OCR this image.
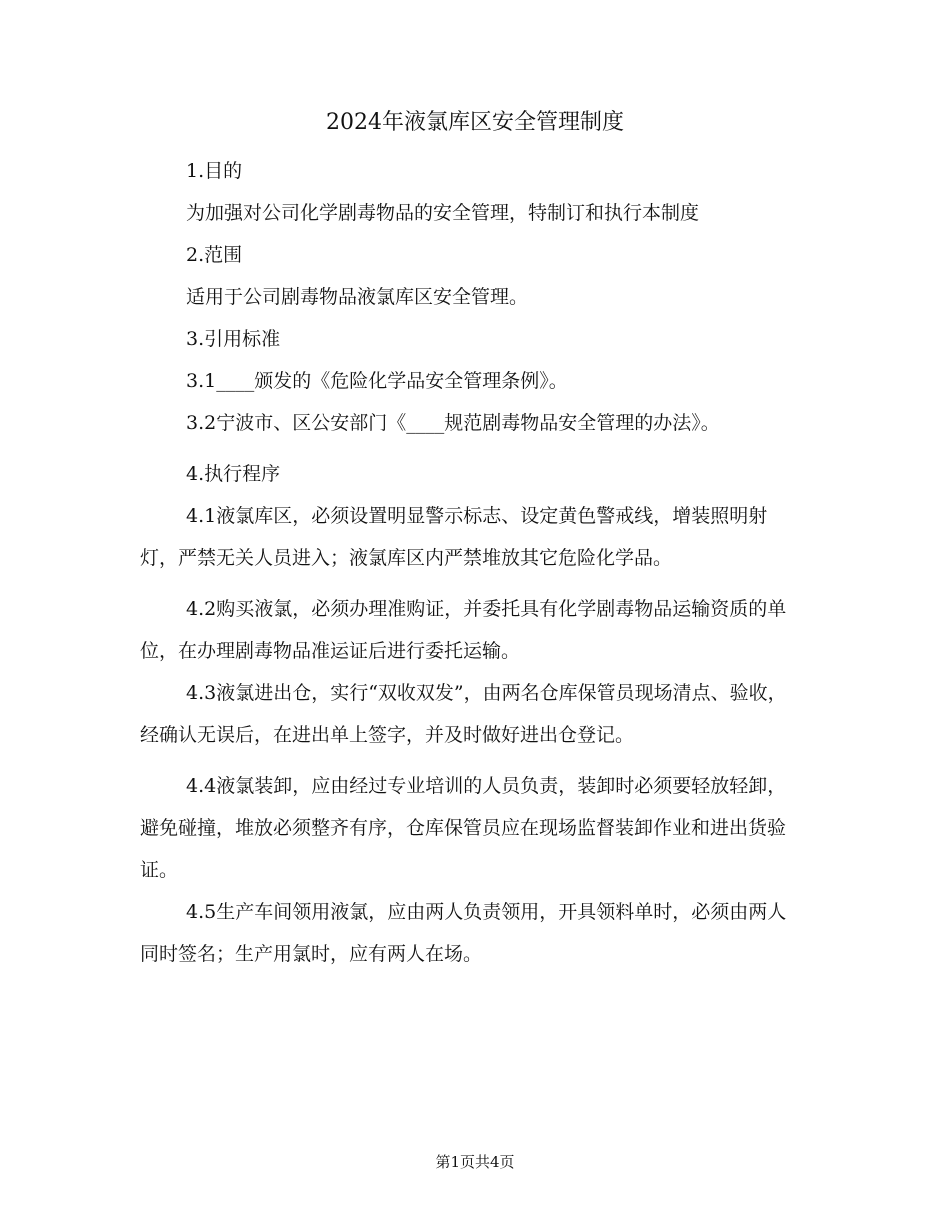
2024年液氯库区安全管理制度

1.目的

为加强对公司化学剧毒物品的安全管理，特制订和执行本制度

2.范围

适用于公司剧毒物品液氯库区安全管理。

3.引用标准

3.1____颁发的《危险化学品安全管理条例》。

3.2宁波市、区公安部门《____规范剧毒物品安全管理的办法》。

4.执行程序

4.1液氯库区，必须设置明显警示标志、设定黄色警戒线，增装照明射灯，严禁无关人员进入；液氯库区内严禁堆放其它危险化学品。

4.2购买液氯，必须办理准购证，并委托具有化学剧毒物品运输资质的单位，在办理剧毒物品准运证后进行委托运输。

4.3液氯进出仓，实行“双收双发”，由两名仓库保管员现场清点、验收，经确认无误后，在进出单上签字，并及时做好进出仓登记。

4.4液氯装卸，应由经过专业培训的人员负责，装卸时必须要轻放轻卸，避免碰撞，堆放必须整齐有序，仓库保管员应在现场监督装卸作业和进出货验证。

4.5生产车间领用液氯，应由两人负责领用，开具领料单时，必须由两人同时签名；生产用氯时，应有两人在场。

第1页共4页
